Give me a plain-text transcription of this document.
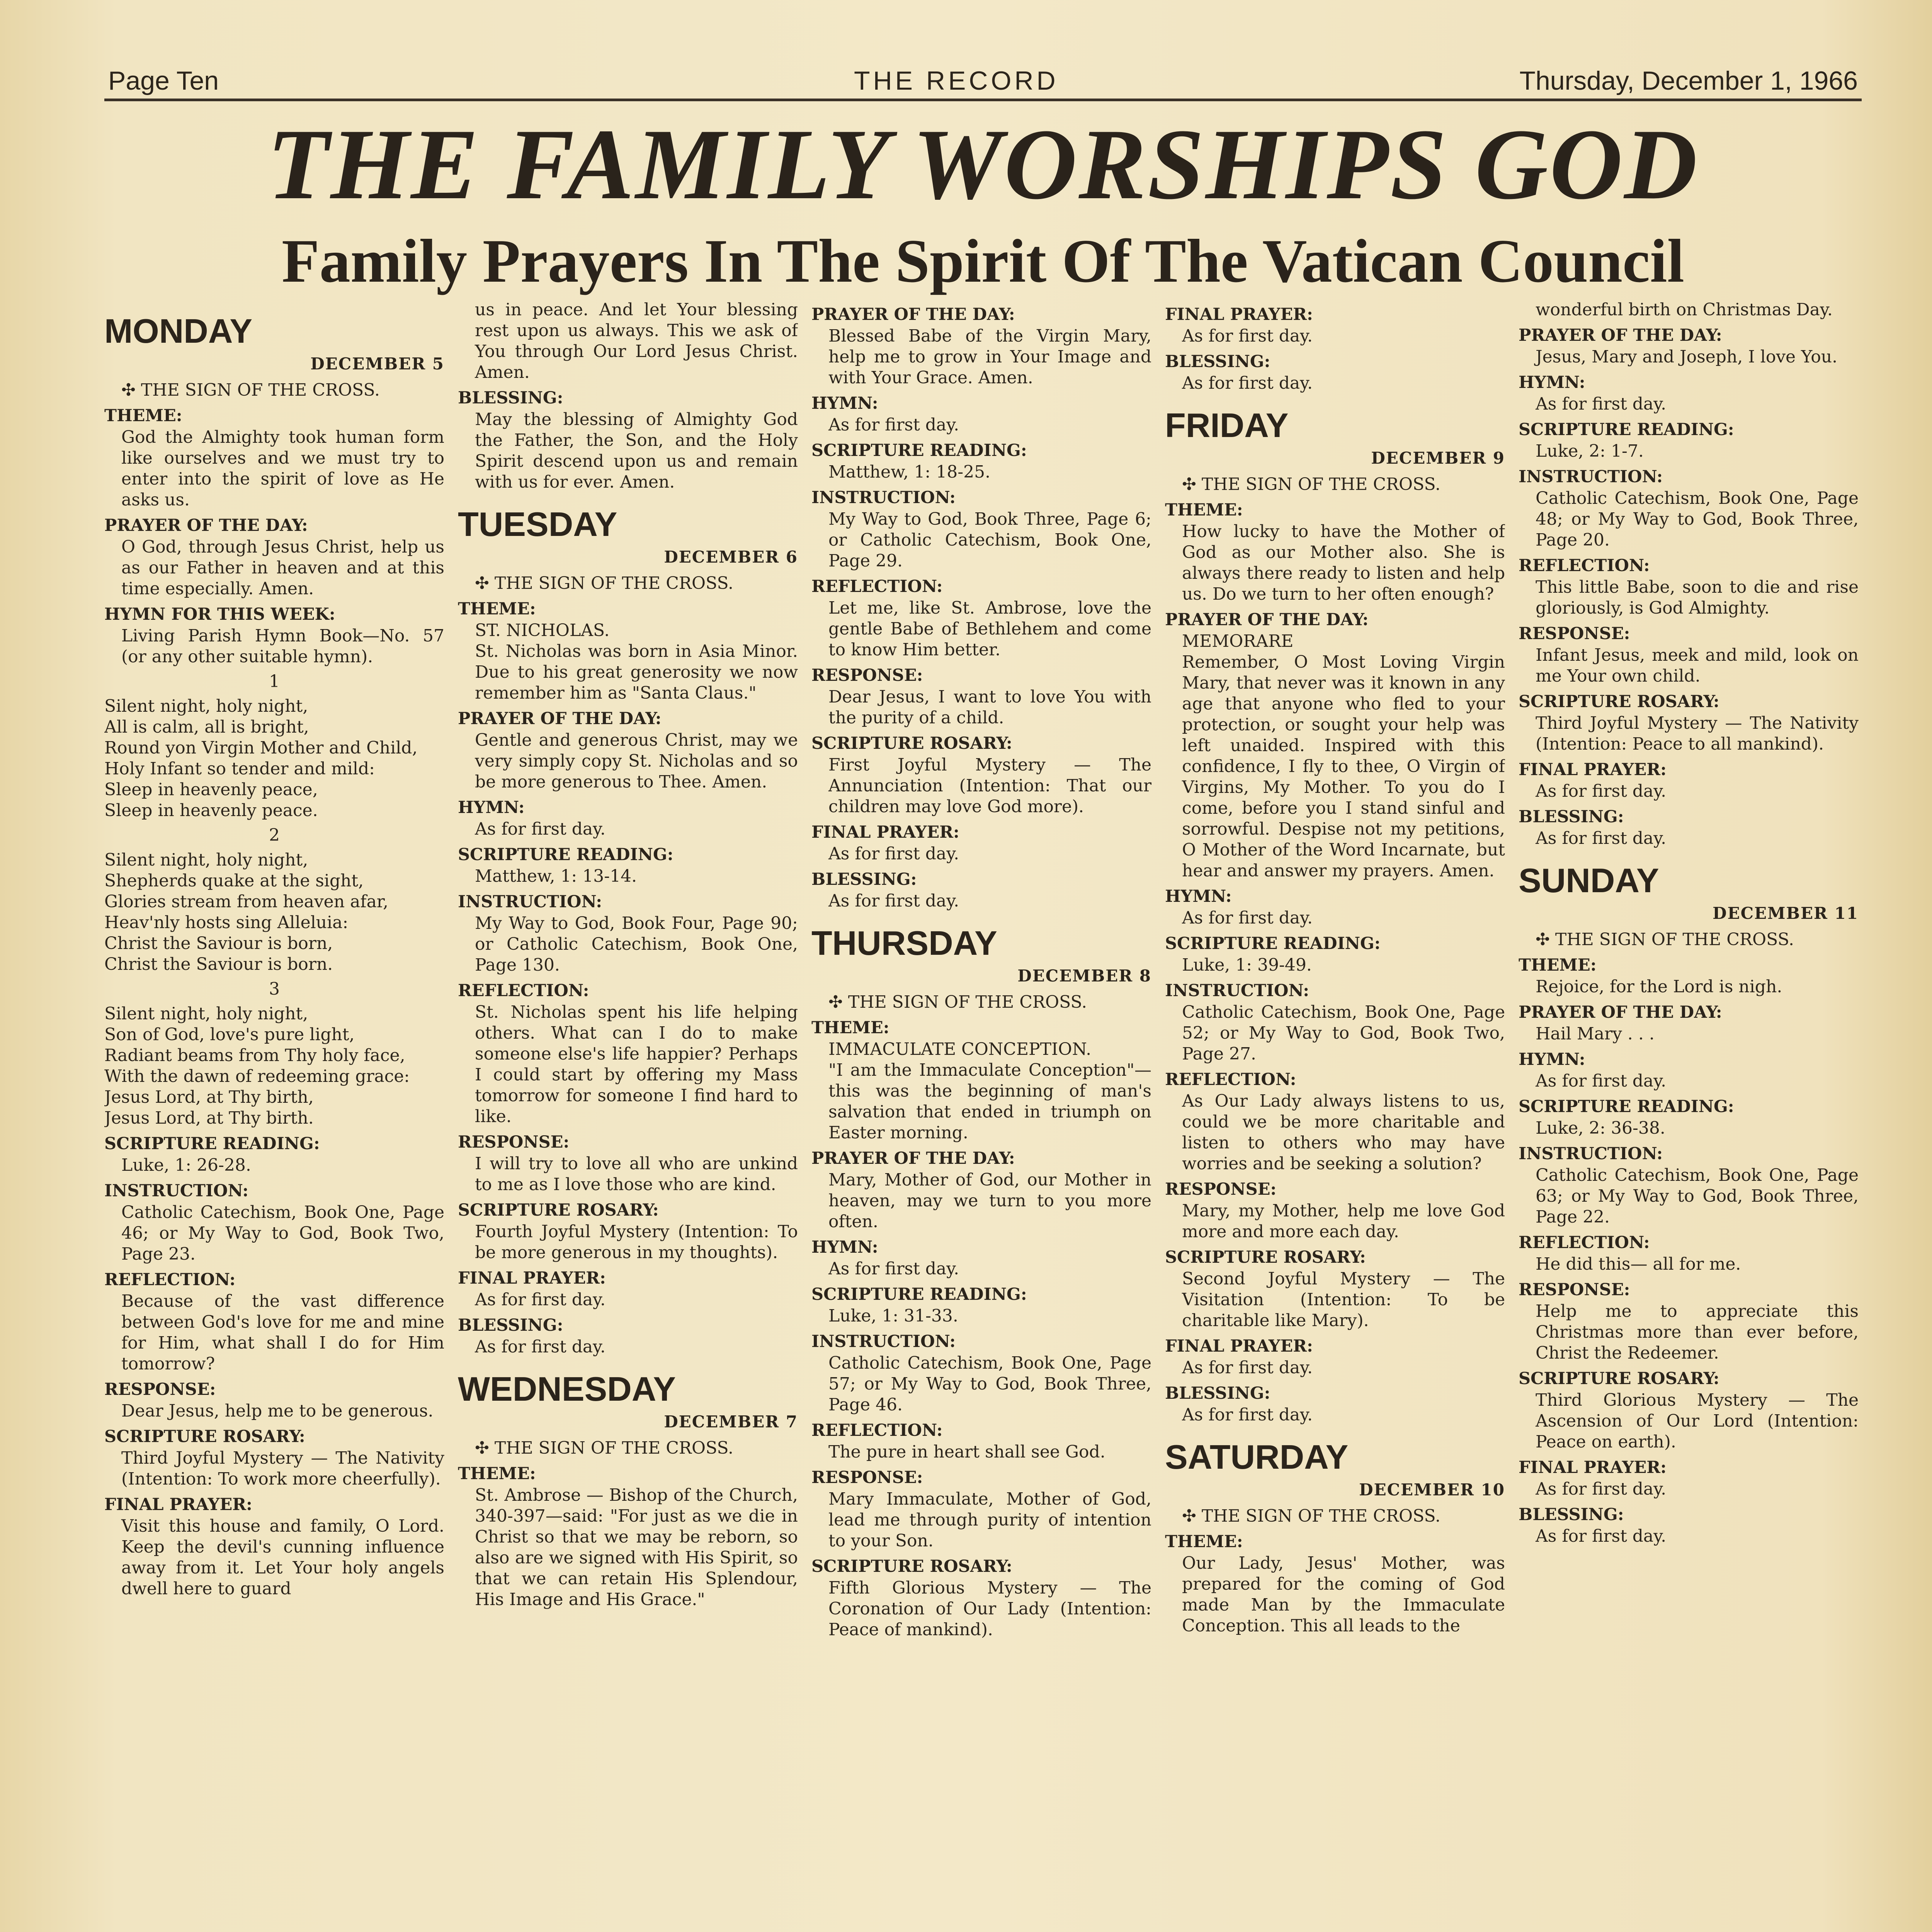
Page Ten	THE RECORD	Thursday, December 1, 1966
THE FAMILY WORSHIPS GOD
Family Prayers In The Spirit Of The Vatican Council
MONDAY
DECEMBER 5
✣ THE SIGN OF THE CROSS.
THEME:
God the Almighty took human form like ourselves and we must try to enter into the spirit of love as He asks us.
PRAYER OF THE DAY:
O God, through Jesus Christ, help us as our Father in heaven and at this time especially. Amen.
HYMN FOR THIS WEEK:
Living Parish Hymn Book—No. 57 (or any other suitable hymn).
1
Silent night, holy night,
All is calm, all is bright,
Round yon Virgin Mother and Child,
Holy Infant so tender and mild:
Sleep in heavenly peace,
Sleep in heavenly peace.
2
Silent night, holy night,
Shepherds quake at the sight,
Glories stream from heaven afar,
Heav'nly hosts sing Alleluia:
Christ the Saviour is born,
Christ the Saviour is born.
3
Silent night, holy night,
Son of God, love's pure light,
Radiant beams from Thy holy face,
With the dawn of redeeming grace:
Jesus Lord, at Thy birth,
Jesus Lord, at Thy birth.
SCRIPTURE READING:
Luke, 1: 26-28.
INSTRUCTION:
Catholic Catechism, Book One, Page 46; or My Way to God, Book Two, Page 23.
REFLECTION:
Because of the vast difference between God's love for me and mine for Him, what shall I do for Him tomorrow?
RESPONSE:
Dear Jesus, help me to be generous.
SCRIPTURE ROSARY:
Third Joyful Mystery — The Nativity (Intention: To work more cheerfully).
FINAL PRAYER:
Visit this house and family, O Lord. Keep the devil's cunning influence away from it. Let Your holy angels dwell here to guard
us in peace. And let Your blessing rest upon us always. This we ask of You through Our Lord Jesus Christ. Amen.
BLESSING:
May the blessing of Almighty God the Father, the Son, and the Holy Spirit descend upon us and remain with us for ever. Amen.
TUESDAY
DECEMBER 6
✣ THE SIGN OF THE CROSS.
THEME:
ST. NICHOLAS.
St. Nicholas was born in Asia Minor. Due to his great generosity we now remember him as "Santa Claus."
PRAYER OF THE DAY:
Gentle and generous Christ, may we very simply copy St. Nicholas and so be more generous to Thee. Amen.
HYMN:
As for first day.
SCRIPTURE READING:
Matthew, 1: 13-14.
INSTRUCTION:
My Way to God, Book Four, Page 90; or Catholic Catechism, Book One, Page 130.
REFLECTION:
St. Nicholas spent his life helping others. What can I do to make someone else's life happier? Perhaps I could start by offering my Mass tomorrow for someone I find hard to like.
RESPONSE:
I will try to love all who are unkind to me as I love those who are kind.
SCRIPTURE ROSARY:
Fourth Joyful Mystery (Intention: To be more generous in my thoughts).
FINAL PRAYER:
As for first day.
BLESSING:
As for first day.
WEDNESDAY
DECEMBER 7
✣ THE SIGN OF THE CROSS.
THEME:
St. Ambrose — Bishop of the Church, 340-397—said: "For just as we die in Christ so that we may be reborn, so also are we signed with His Spirit, so that we can retain His Splendour, His Image and His Grace."
PRAYER OF THE DAY:
Blessed Babe of the Virgin Mary, help me to grow in Your Image and with Your Grace. Amen.
HYMN:
As for first day.
SCRIPTURE READING:
Matthew, 1: 18-25.
INSTRUCTION:
My Way to God, Book Three, Page 6; or Catholic Catechism, Book One, Page 29.
REFLECTION:
Let me, like St. Ambrose, love the gentle Babe of Bethlehem and come to know Him better.
RESPONSE:
Dear Jesus, I want to love You with the purity of a child.
SCRIPTURE ROSARY:
First Joyful Mystery — The Annunciation (Intention: That our children may love God more).
FINAL PRAYER:
As for first day.
BLESSING:
As for first day.
THURSDAY
DECEMBER 8
✣ THE SIGN OF THE CROSS.
THEME:
IMMACULATE CONCEPTION.
"I am the Immaculate Conception"—this was the beginning of man's salvation that ended in triumph on Easter morning.
PRAYER OF THE DAY:
Mary, Mother of God, our Mother in heaven, may we turn to you more often.
HYMN:
As for first day.
SCRIPTURE READING:
Luke, 1: 31-33.
INSTRUCTION:
Catholic Catechism, Book One, Page 57; or My Way to God, Book Three, Page 46.
REFLECTION:
The pure in heart shall see God.
RESPONSE:
Mary Immaculate, Mother of God, lead me through purity of intention to your Son.
SCRIPTURE ROSARY:
Fifth Glorious Mystery — The Coronation of Our Lady (Intention: Peace of mankind).
FINAL PRAYER:
As for first day.
BLESSING:
As for first day.
FRIDAY
DECEMBER 9
✣ THE SIGN OF THE CROSS.
THEME:
How lucky to have the Mother of God as our Mother also. She is always there ready to listen and help us. Do we turn to her often enough?
PRAYER OF THE DAY:
MEMORARE
Remember, O Most Loving Virgin Mary, that never was it known in any age that anyone who fled to your protection, or sought your help was left unaided. Inspired with this confidence, I fly to thee, O Virgin of Virgins, My Mother. To you do I come, before you I stand sinful and sorrowful. Despise not my petitions, O Mother of the Word Incarnate, but hear and answer my prayers. Amen.
HYMN:
As for first day.
SCRIPTURE READING:
Luke, 1: 39-49.
INSTRUCTION:
Catholic Catechism, Book One, Page 52; or My Way to God, Book Two, Page 27.
REFLECTION:
As Our Lady always listens to us, could we be more charitable and listen to others who may have worries and be seeking a solution?
RESPONSE:
Mary, my Mother, help me love God more and more each day.
SCRIPTURE ROSARY:
Second Joyful Mystery — The Visitation (Intention: To be charitable like Mary).
FINAL PRAYER:
As for first day.
BLESSING:
As for first day.
SATURDAY
DECEMBER 10
✣ THE SIGN OF THE CROSS.
THEME:
Our Lady, Jesus' Mother, was prepared for the coming of God made Man by the Immaculate Conception. This all leads to the
wonderful birth on Christmas Day.
PRAYER OF THE DAY:
Jesus, Mary and Joseph, I love You.
HYMN:
As for first day.
SCRIPTURE READING:
Luke, 2: 1-7.
INSTRUCTION:
Catholic Catechism, Book One, Page 48; or My Way to God, Book Three, Page 20.
REFLECTION:
This little Babe, soon to die and rise gloriously, is God Almighty.
RESPONSE:
Infant Jesus, meek and mild, look on me Your own child.
SCRIPTURE ROSARY:
Third Joyful Mystery — The Nativity (Intention: Peace to all mankind).
FINAL PRAYER:
As for first day.
BLESSING:
As for first day.
SUNDAY
DECEMBER 11
✣ THE SIGN OF THE CROSS.
THEME:
Rejoice, for the Lord is nigh.
PRAYER OF THE DAY:
Hail Mary . . .
HYMN:
As for first day.
SCRIPTURE READING:
Luke, 2: 36-38.
INSTRUCTION:
Catholic Catechism, Book One, Page 63; or My Way to God, Book Three, Page 22.
REFLECTION:
He did this— all for me.
RESPONSE:
Help me to appreciate this Christmas more than ever before, Christ the Redeemer.
SCRIPTURE ROSARY:
Third Glorious Mystery — The Ascension of Our Lord (Intention: Peace on earth).
FINAL PRAYER:
As for first day.
BLESSING:
As for first day.
